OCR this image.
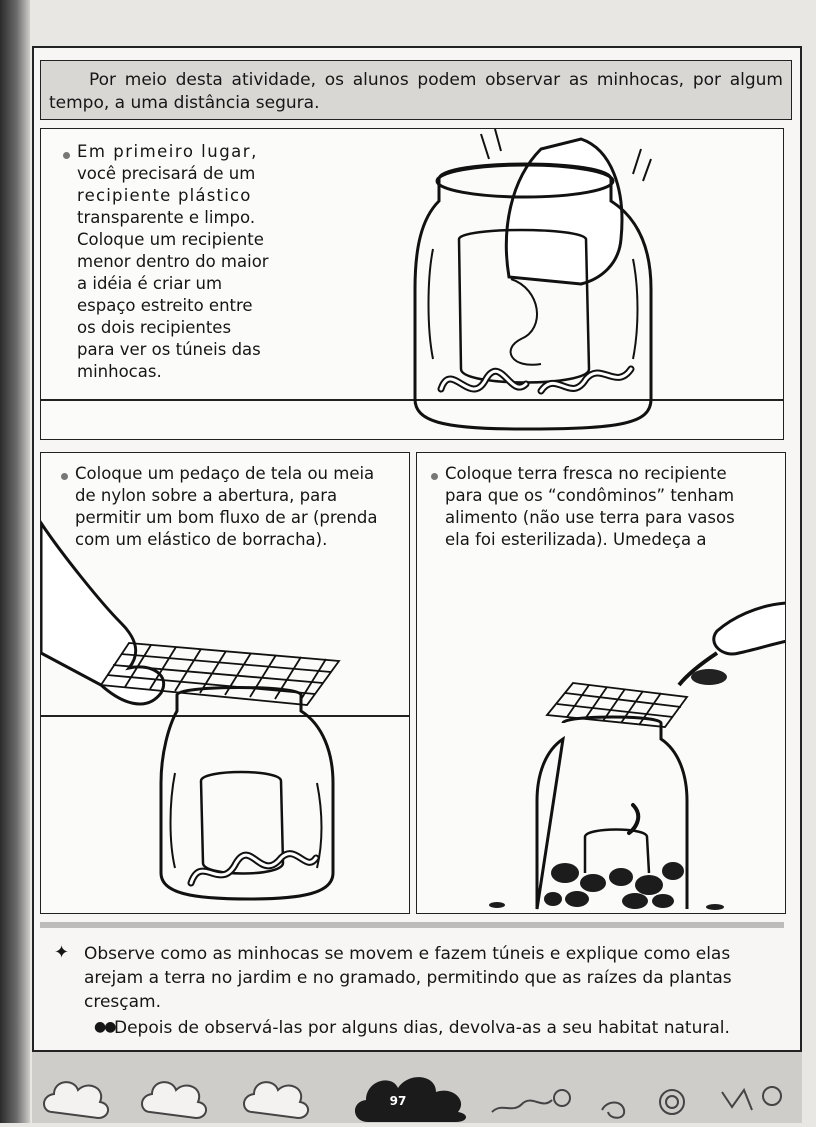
Por meio desta atividade, os alunos podem observar as minhocas, por algum tempo, a uma distância segura.
Em primeiro lugar,
você precisará de um
recipiente plástico
transparente e limpo.
Coloque um recipiente
menor dentro do maior
a idéia é criar um
espaço estreito entre
os dois recipientes
para ver os túneis das
minhocas.
Coloque um pedaço de tela ou meia
de nylon sobre a abertura, para
permitir um bom fluxo de ar (prenda
com um elástico de borracha).
Coloque terra fresca no recipiente
para que os “condôminos” tenham
alimento (não use terra para vasos
ela foi esterilizada). Umedeça a
✦ Observe como as minhocas se movem e fazem túneis e explique como elas arejam a terra no jardim e no gramado, permitindo que as raízes da plantas cresçam.
●● Depois de observá-las por alguns dias, devolva-as a seu habitat natural.
97
